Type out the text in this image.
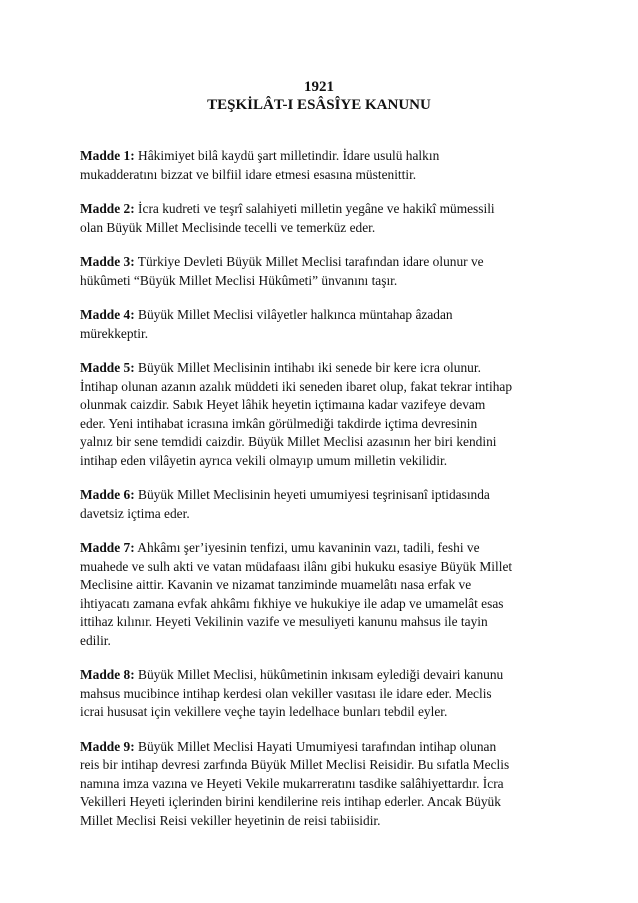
1921
TEŞKİLÂT-I ESÂSÎYE KANUNU
Madde 1: Hâkimiyet bilâ kaydü şart milletindir. İdare usulü halkın
mukadderatını bizzat ve bilfiil idare etmesi esasına müstenittir.
Madde 2: İcra kudreti ve teşrî salahiyeti milletin yegâne ve hakikî mümessili
olan Büyük Millet Meclisinde tecelli ve temerküz eder.
Madde 3: Türkiye Devleti Büyük Millet Meclisi tarafından idare olunur ve
hükûmeti “Büyük Millet Meclisi Hükûmeti” ünvanını taşır.
Madde 4: Büyük Millet Meclisi vilâyetler halkınca müntahap âzadan
mürekkeptir.
Madde 5: Büyük Millet Meclisinin intihabı iki senede bir kere icra olunur.
İntihap olunan azanın azalık müddeti iki seneden ibaret olup, fakat tekrar intihap
olunmak caizdir. Sabık Heyet lâhik heyetin içtimaına kadar vazifeye devam
eder. Yeni intihabat icrasına imkân görülmediği takdirde içtima devresinin
yalnız bir sene temdidi caizdir. Büyük Millet Meclisi azasının her biri kendini
intihap eden vilâyetin ayrıca vekili olmayıp umum milletin vekilidir.
Madde 6: Büyük Millet Meclisinin heyeti umumiyesi teşrinisanî iptidasında
davetsiz içtima eder.
Madde 7: Ahkâmı şer’iyesinin tenfizi, umu kavaninin vazı, tadili, feshi ve
muahede ve sulh akti ve vatan müdafaası ilânı gibi hukuku esasiye Büyük Millet
Meclisine aittir. Kavanin ve nizamat tanziminde muamelâtı nasa erfak ve
ihtiyacatı zamana evfak ahkâmı fıkhiye ve hukukiye ile adap ve umamelât esas
ittihaz kılınır. Heyeti Vekilinin vazife ve mesuliyeti kanunu mahsus ile tayin
edilir.
Madde 8: Büyük Millet Meclisi, hükûmetinin inkısam eylediği devairi kanunu
mahsus mucibince intihap kerdesi olan vekiller vasıtası ile idare eder. Meclis
icrai hususat için vekillere veçhe tayin ledelhace bunları tebdil eyler.
Madde 9: Büyük Millet Meclisi Hayati Umumiyesi tarafından intihap olunan
reis bir intihap devresi zarfında Büyük Millet Meclisi Reisidir. Bu sıfatla Meclis
namına imza vazına ve Heyeti Vekile mukarreratını tasdike salâhiyettardır. İcra
Vekilleri Heyeti içlerinden birini kendilerine reis intihap ederler. Ancak Büyük
Millet Meclisi Reisi vekiller heyetinin de reisi tabiisidir.
